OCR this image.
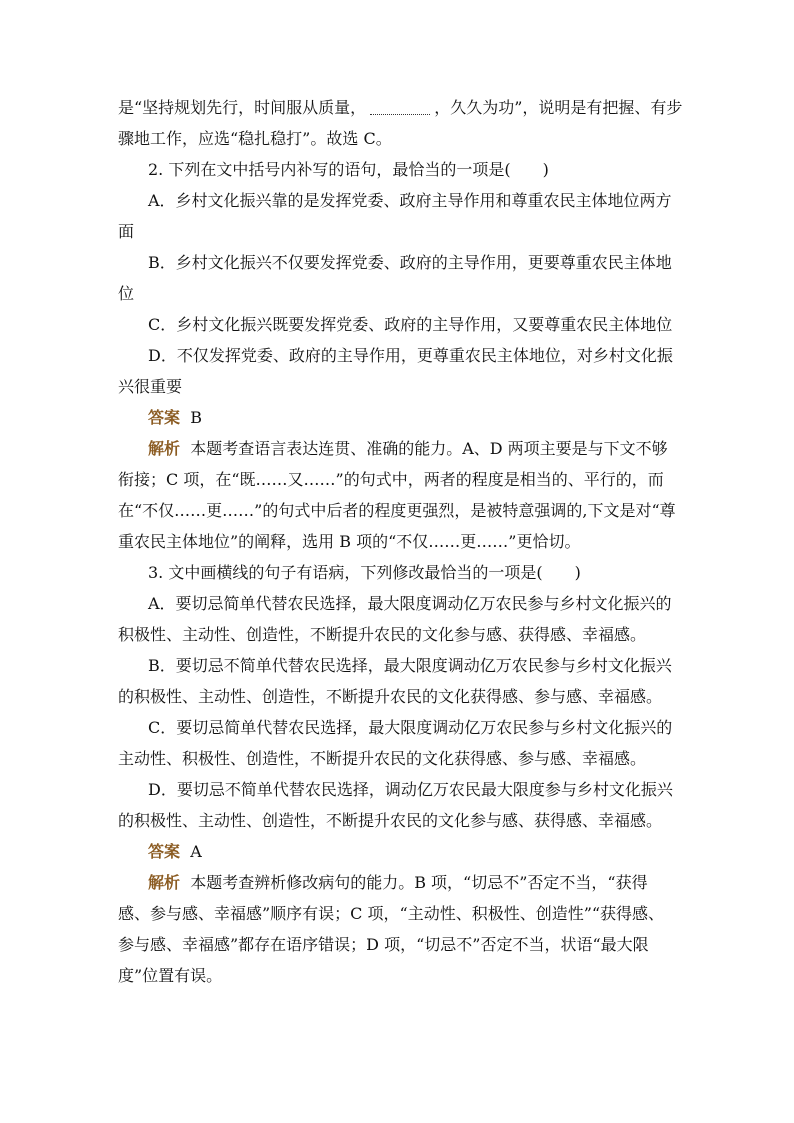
是“坚持规划先行，时间服从质量，	，久久为功”，说明是有把握、有步
骤地工作，应选“稳扎稳打”。故选 C。
2. 下列在文中括号内补写的语句，最恰当的一项是(　　)
A．乡村文化振兴靠的是发挥党委、政府主导作用和尊重农民主体地位两方
面
B．乡村文化振兴不仅要发挥党委、政府的主导作用，更要尊重农民主体地
位
C．乡村文化振兴既要发挥党委、政府的主导作用，又要尊重农民主体地位
D．不仅发挥党委、政府的主导作用，更尊重农民主体地位，对乡村文化振
兴很重要
答案 B
解析 本题考查语言表达连贯、准确的能力。A、D 两项主要是与下文不够
衔接；C 项，在“既……又……”的句式中，两者的程度是相当的、平行的，而
在“不仅……更……”的句式中后者的程度更强烈，是被特意强调的,下文是对“尊
重农民主体地位”的阐释，选用 B 项的“不仅……更……”更恰切。
3. 文中画横线的句子有语病，下列修改最恰当的一项是(　　)
A．要切忌简单代替农民选择，最大限度调动亿万农民参与乡村文化振兴的
积极性、主动性、创造性，不断提升农民的文化参与感、获得感、幸福感。
B．要切忌不简单代替农民选择，最大限度调动亿万农民参与乡村文化振兴
的积极性、主动性、创造性，不断提升农民的文化获得感、参与感、幸福感。
C．要切忌简单代替农民选择，最大限度调动亿万农民参与乡村文化振兴的
主动性、积极性、创造性，不断提升农民的文化获得感、参与感、幸福感。
D．要切忌不简单代替农民选择，调动亿万农民最大限度参与乡村文化振兴
的积极性、主动性、创造性，不断提升农民的文化参与感、获得感、幸福感。
答案 A
解析 本题考查辨析修改病句的能力。B 项，“切忌不”否定不当，“获得
感、参与感、幸福感”顺序有误；C 项，“主动性、积极性、创造性”“获得感、
参与感、幸福感”都存在语序错误；D 项，“切忌不”否定不当，状语“最大限
度”位置有误。
